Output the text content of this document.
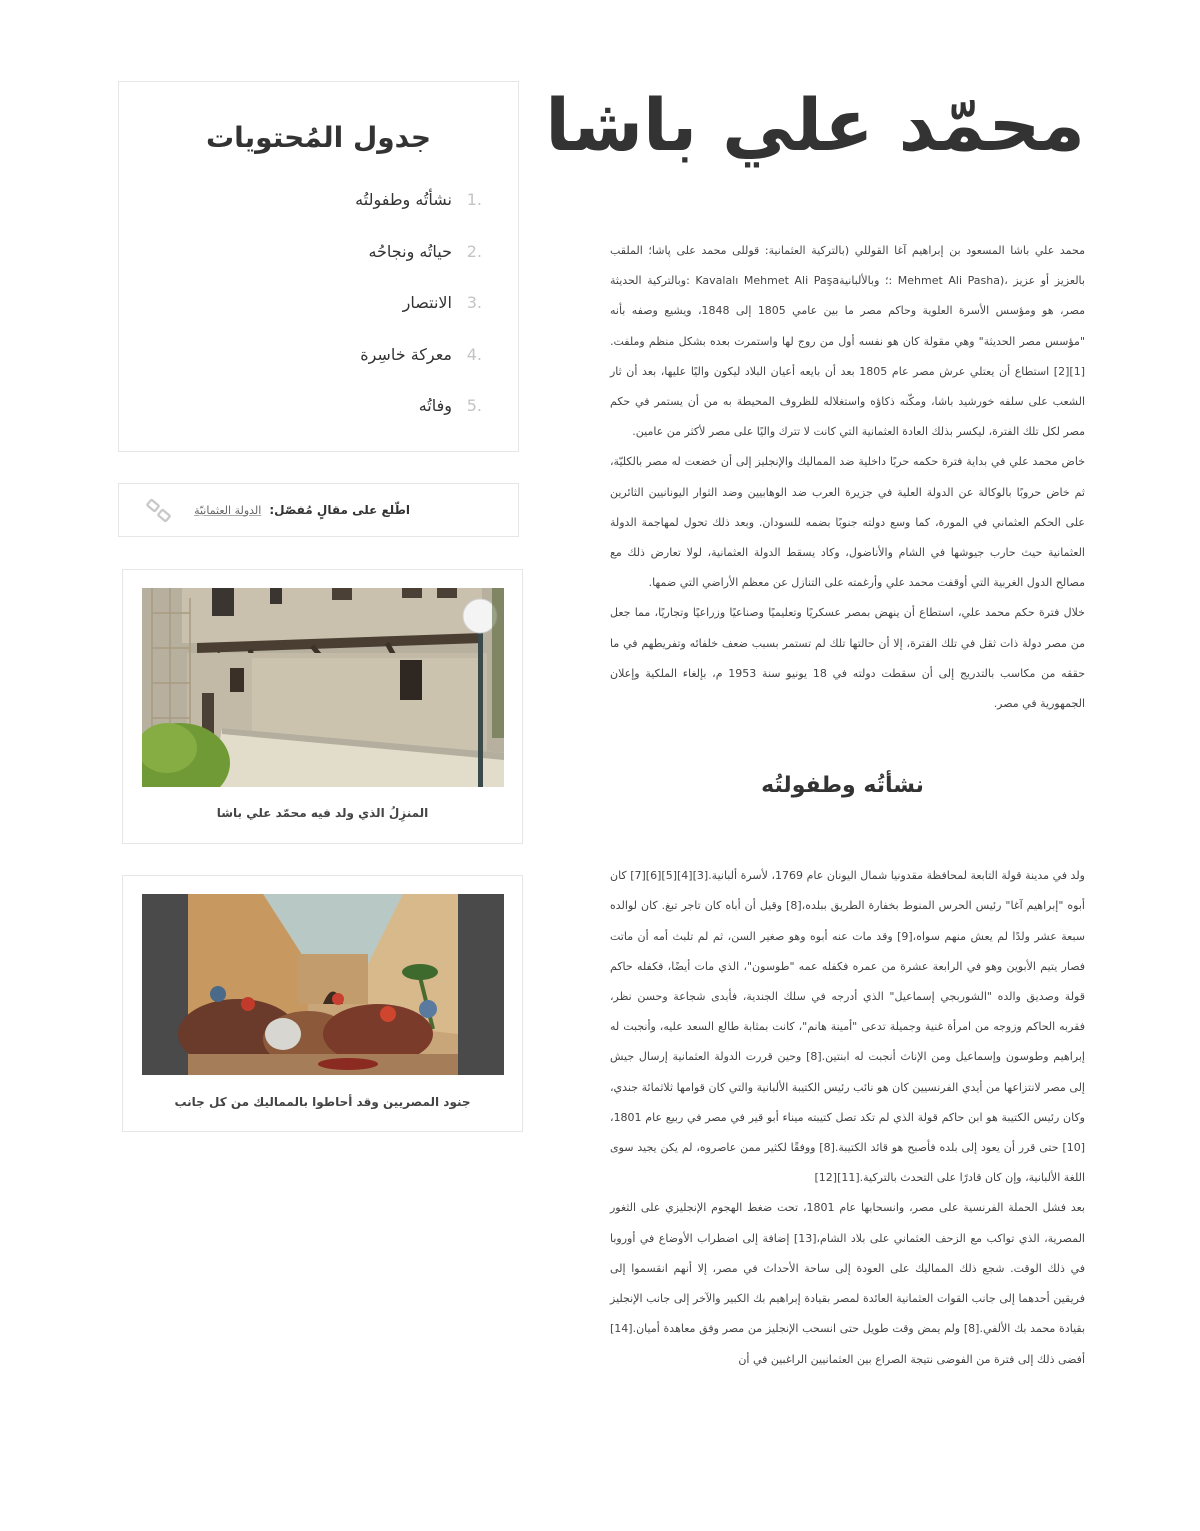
محمّد علي باشا

محمد علي باشا المسعود بن إبراهيم آغا القوللي (بالتركية العثمانية: قوللى محمد على پاشا؛ الملقب بالعزيز أو عزيز ،(Mehmet Ali Pasha :؛ وبالألبانيةKavalalı Mehmet Ali Paşa :وبالتركية الحديثة مصر، هو ومؤسس الأسرة العلوية وحاكم مصر ما بين عامي 1805 إلى 1848، ويشيع وصفه بأنه "مؤسس مصر الحديثة" وهي مقولة كان هو نفسه أول من روج لها واستمرت بعده بشكل منظم وملفت.[1][2] استطاع أن يعتلي عرش مصر عام 1805 بعد أن بايعه أعيان البلاد ليكون واليًا عليها، بعد أن ثار الشعب على سلفه خورشيد باشا، ومكّنه ذكاؤه واستغلاله للظروف المحيطة به من أن يستمر في حكم مصر لكل تلك الفترة، ليكسر بذلك العادة العثمانية التي كانت لا تترك واليًا على مصر لأكثر من عامين.

خاض محمد علي في بداية فترة حكمه حربًا داخلية ضد المماليك والإنجليز إلى أن خضعت له مصر بالكليّة، ثم خاض حروبًا بالوكالة عن الدولة العلية في جزيرة العرب ضد الوهابيين وضد الثوار اليونانيين الثائرين على الحكم العثماني في المورة، كما وسع دولته جنوبًا بضمه للسودان. وبعد ذلك تحول لمهاجمة الدولة العثمانية حيث حارب جيوشها في الشام والأناضول، وكاد يسقط الدولة العثمانية، لولا تعارض ذلك مع مصالح الدول الغربية التي أوقفت محمد علي وأرغمته على التنازل عن معظم الأراضي التي ضمها.

خلال فترة حكم محمد علي، استطاع أن ينهض بمصر عسكريًا وتعليميًا وصناعيًا وزراعيًا وتجاريًا، مما جعل من مصر دولة ذات ثقل في تلك الفترة، إلا أن حالتها تلك لم تستمر بسبب ضعف خلفائه وتفريطهم في ما حققه من مكاسب بالتدريج إلى أن سقطت دولته في 18 يونيو سنة 1953 م، بإلغاء الملكية وإعلان الجمهورية في مصر.

نشأتُه وطفولتُه

ولد في مدينة قولة التابعة لمحافظة مقدونيا شمال اليونان عام 1769، لأسرة ألبانية.[3][4][5][6][7] كان أبوه "إبراهيم آغا" رئيس الحرس المنوط بخفارة الطريق ببلده،[8] وقيل أن أباه كان تاجر تبغ. كان لوالده سبعة عشر ولدًا لم يعش منهم سواه،[9] وقد مات عنه أبوه وهو صغير السن، ثم لم تلبث أمه أن ماتت فصار يتيم الأبوين وهو في الرابعة عشرة من عمره فكفله عمه "طوسون"، الذي مات أيضًا، فكفله حاكم قولة وصديق والده "الشوربجي إسماعيل" الذي أدرجه في سلك الجندية، فأبدى شجاعة وحسن نظر، فقربه الحاكم وزوجه من امرأة غنية وجميلة تدعى "أمينة هانم"، كانت بمثابة طالع السعد عليه، وأنجبت له إبراهيم وطوسون وإسماعيل ومن الإناث أنجبت له ابنتين.[8] وحين قررت الدولة العثمانية إرسال جيش إلى مصر لانتزاعها من أيدي الفرنسيين كان هو نائب رئيس الكتيبة الألبانية والتي كان قوامها ثلاثمائة جندي، وكان رئيس الكتيبة هو ابن حاكم قولة الذي لم تكد تصل كتيبته ميناء أبو قير في مصر في ربيع عام 1801،[10] حتى قرر أن يعود إلى بلده فأصبح هو قائد الكتيبة.[8] ووفقًا لكثير ممن عاصروه، لم يكن يجيد سوى اللغة الألبانية، وإن كان قادرًا على التحدث بالتركية.[11][12]

بعد فشل الحملة الفرنسية على مصر، وانسحابها عام 1801، تحت ضغط الهجوم الإنجليزي على الثغور المصرية، الذي تواكب مع الزحف العثماني على بلاد الشام،[13] إضافة إلى اضطراب الأوضاع في أوروبا في ذلك الوقت. شجع ذلك المماليك على العودة إلى ساحة الأحداث في مصر، إلا أنهم انقسموا إلى فريقين أحدهما إلى جانب القوات العثمانية العائدة لمصر بقيادة إبراهيم بك الكبير والآخر إلى جانب الإنجليز بقيادة محمد بك الألفي.[8] ولم يمض وقت طويل حتى انسحب الإنجليز من مصر وفق معاهدة أميان.[14] أفضى ذلك إلى فترة من الفوضى نتيجة الصراع بين العثمانيين الراغبين في أن

جدول المُحتويات
1.
نشأتُه وطفولتُه
2.
حياتُه ونجاحُه
3.
الانتصار
4.
معركة خاسِرة
5.
وفاتُه
اطّلع على مقالٍ مُفصّل:
الدولة العثمانيّة
المنزِلُ الذي ولد فيه محمّد علي باشا
جنود المصريين وقد أحاطوا بالمماليك من كل جانب
